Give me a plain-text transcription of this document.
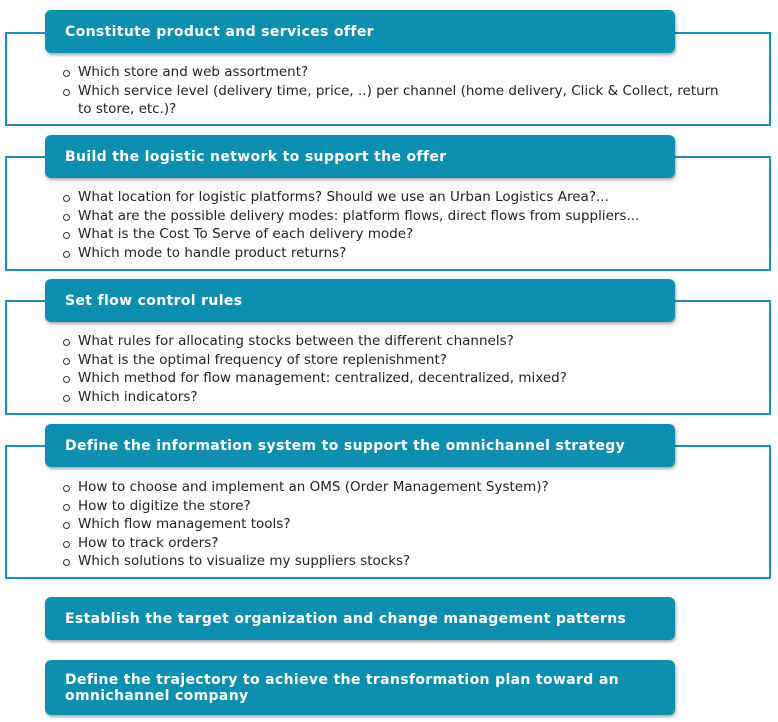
Constitute product and services offer
Which store and web assortment?
Which service level (delivery time, price, ..) per channel (home delivery, Click & Collect, return to store, etc.)?
Build the logistic network to support the offer
What location for logistic platforms? Should we use an Urban Logistics Area?...
What are the possible delivery modes: platform flows, direct flows from suppliers...
What is the Cost To Serve of each delivery mode?
Which mode to handle product returns?
Set flow control rules
What rules for allocating stocks between the different channels?
What is the optimal frequency of store replenishment?
Which method for flow management: centralized, decentralized, mixed?
Which indicators?
Define the information system to support the omnichannel strategy
How to choose and implement an OMS (Order Management System)?
How to digitize the store?
Which flow management tools?
How to track orders?
Which solutions to visualize my suppliers stocks?
Establish the target organization and change management patterns
Define the trajectory to achieve the transformation plan toward an omnichannel company
